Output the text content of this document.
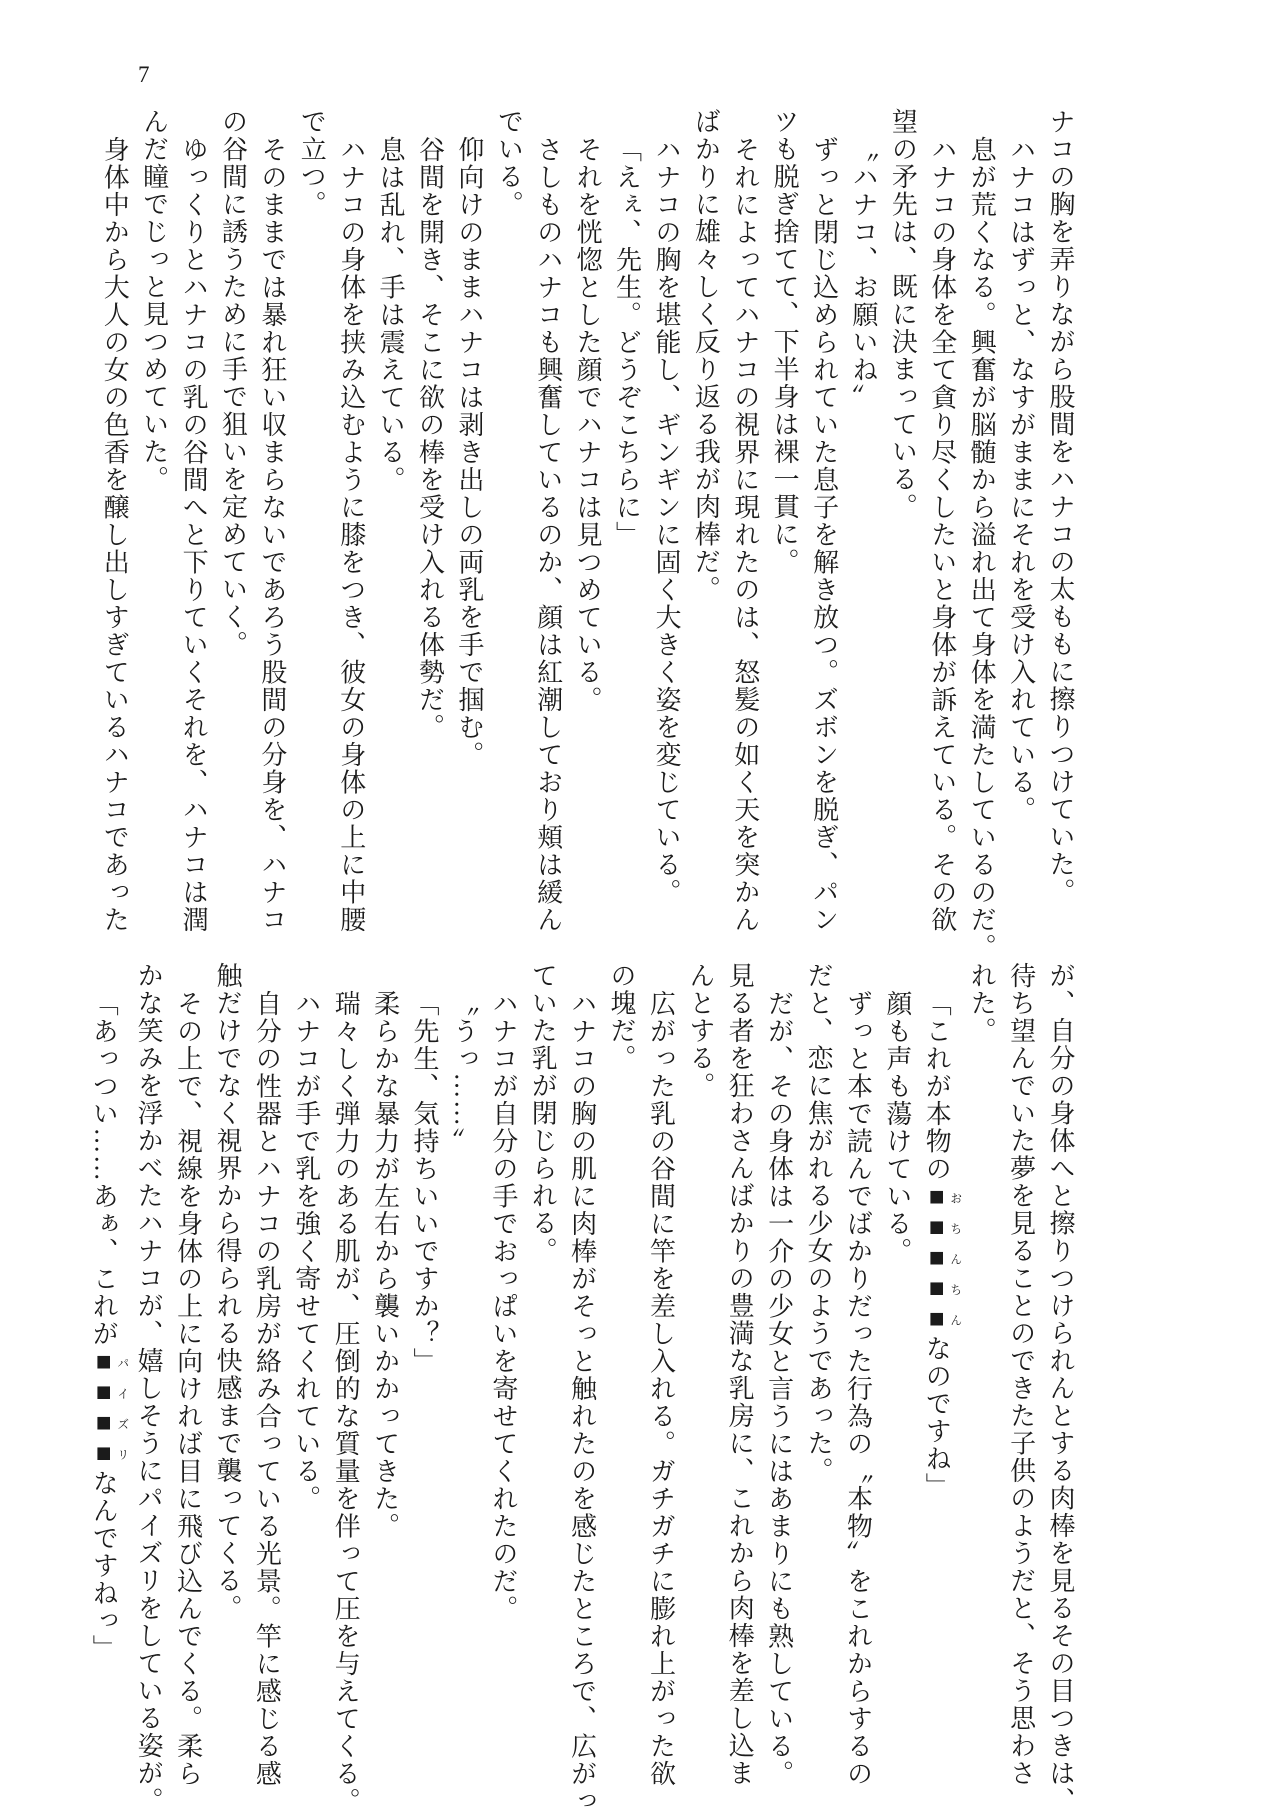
7
ナコの胸を弄りながら股間をハナコの太ももに擦りつけていた。
ハナコはずっと、なすがままにそれを受け入れている。
息が荒くなる。興奮が脳髄から溢れ出て身体を満たしているのだ。
ハナコの身体を全て貪り尽くしたいと身体が訴えている。その欲
望の矛先は、既に決まっている。
〝ハナコ、お願いね〟
ずっと閉じ込められていた息子を解き放つ。ズボンを脱ぎ、パン
ツも脱ぎ捨てて、下半身は裸一貫に。
それによってハナコの視界に現れたのは、怒髪の如く天を突かん
ばかりに雄々しく反り返る我が肉棒だ。
ハナコの胸を堪能し、ギンギンに固く大きく姿を変じている。
「えぇ、先生。どうぞこちらに」
それを恍惚とした顔でハナコは見つめている。
さしものハナコも興奮しているのか、顔は紅潮しており頬は緩ん
でいる。
仰向けのままハナコは剥き出しの両乳を手で掴む。
谷間を開き、そこに欲の棒を受け入れる体勢だ。
息は乱れ、手は震えている。
ハナコの身体を挟み込むように膝をつき、彼女の身体の上に中腰
で立つ。
そのままでは暴れ狂い収まらないであろう股間の分身を、ハナコ
の谷間に誘うために手で狙いを定めていく。
ゆっくりとハナコの乳の谷間へと下りていくそれを、ハナコは潤
んだ瞳でじっと見つめていた。
身体中から大人の女の色香を醸し出しすぎているハナコであった
が、自分の身体へと擦りつけられんとする肉棒を見るその目つきは、
待ち望んでいた夢を見ることのできた子供のようだと、そう思わさ
れた。
「これが本物の■■■■■おちんちんなのですね」
顔も声も蕩けている。
ずっと本で読んでばかりだった行為の〝本物〟をこれからするの
だと、恋に焦がれる少女のようであった。
だが、その身体は一介の少女と言うにはあまりにも熟している。
見る者を狂わさんばかりの豊満な乳房に、これから肉棒を差し込ま
んとする。
広がった乳の谷間に竿を差し入れる。ガチガチに膨れ上がった欲
の塊だ。
ハナコの胸の肌に肉棒がそっと触れたのを感じたところで、広がっ
ていた乳が閉じられる。
ハナコが自分の手でおっぱいを寄せてくれたのだ。
〝うっ……〟
「先生、気持ちいいですか？」
柔らかな暴力が左右から襲いかかってきた。
瑞々しく弾力のある肌が、圧倒的な質量を伴って圧を与えてくる。
ハナコが手で乳を強く寄せてくれている。
自分の性器とハナコの乳房が絡み合っている光景。竿に感じる感
触だけでなく視界から得られる快感まで襲ってくる。
その上で、視線を身体の上に向ければ目に飛び込んでくる。柔ら
かな笑みを浮かべたハナコが、嬉しそうにパイズリをしている姿が。
「あっつい……あぁ、これが■■■■パイズリなんですねっ」
